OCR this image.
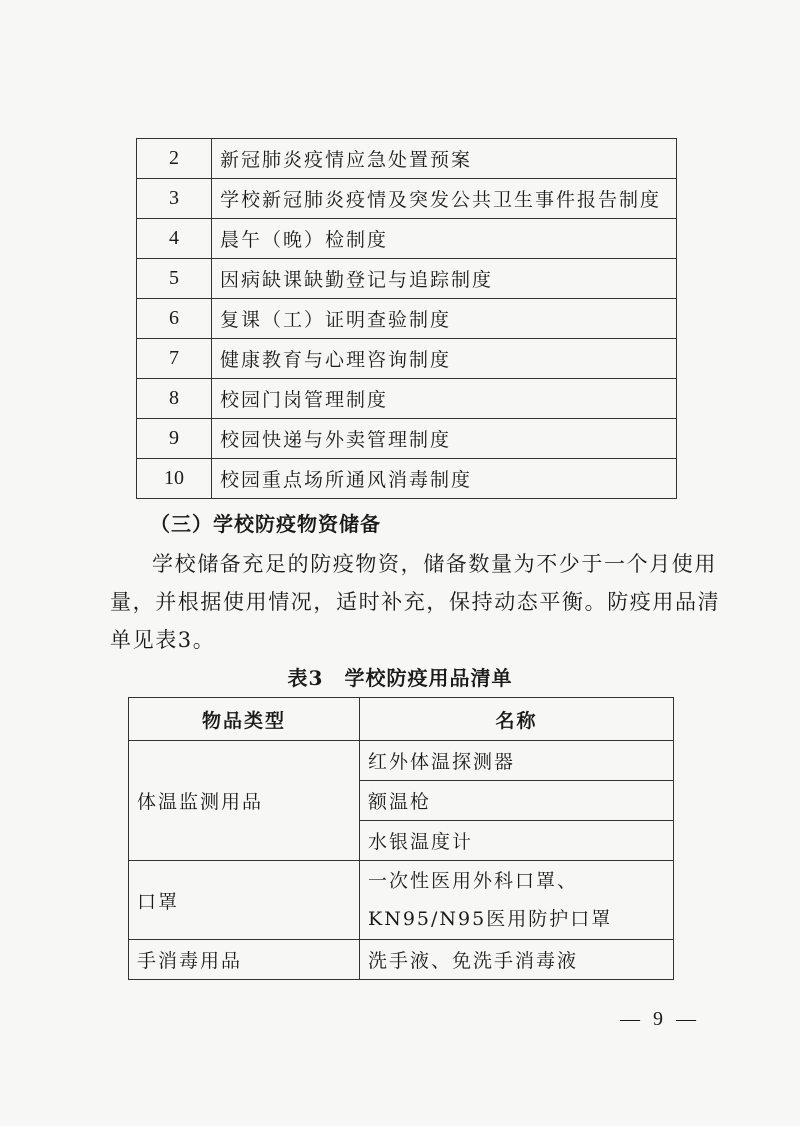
2	新冠肺炎疫情应急处置预案
3	学校新冠肺炎疫情及突发公共卫生事件报告制度
4	晨午（晚）检制度
5	因病缺课缺勤登记与追踪制度
6	复课（工）证明查验制度
7	健康教育与心理咨询制度
8	校园门岗管理制度
9	校园快递与外卖管理制度
10	校园重点场所通风消毒制度
（三）学校防疫物资储备
学校储备充足的防疫物资，储备数量为不少于一个月使用量，并根据使用情况，适时补充，保持动态平衡。防疫用品清单见表3。
表3　学校防疫用品清单
物品类型	名称
体温监测用品	红外体温探测器
	额温枪
	水银温度计
口罩	一次性医用外科口罩、KN95/N95医用防护口罩
手消毒用品	洗手液、免洗手消毒液
— 9 —
